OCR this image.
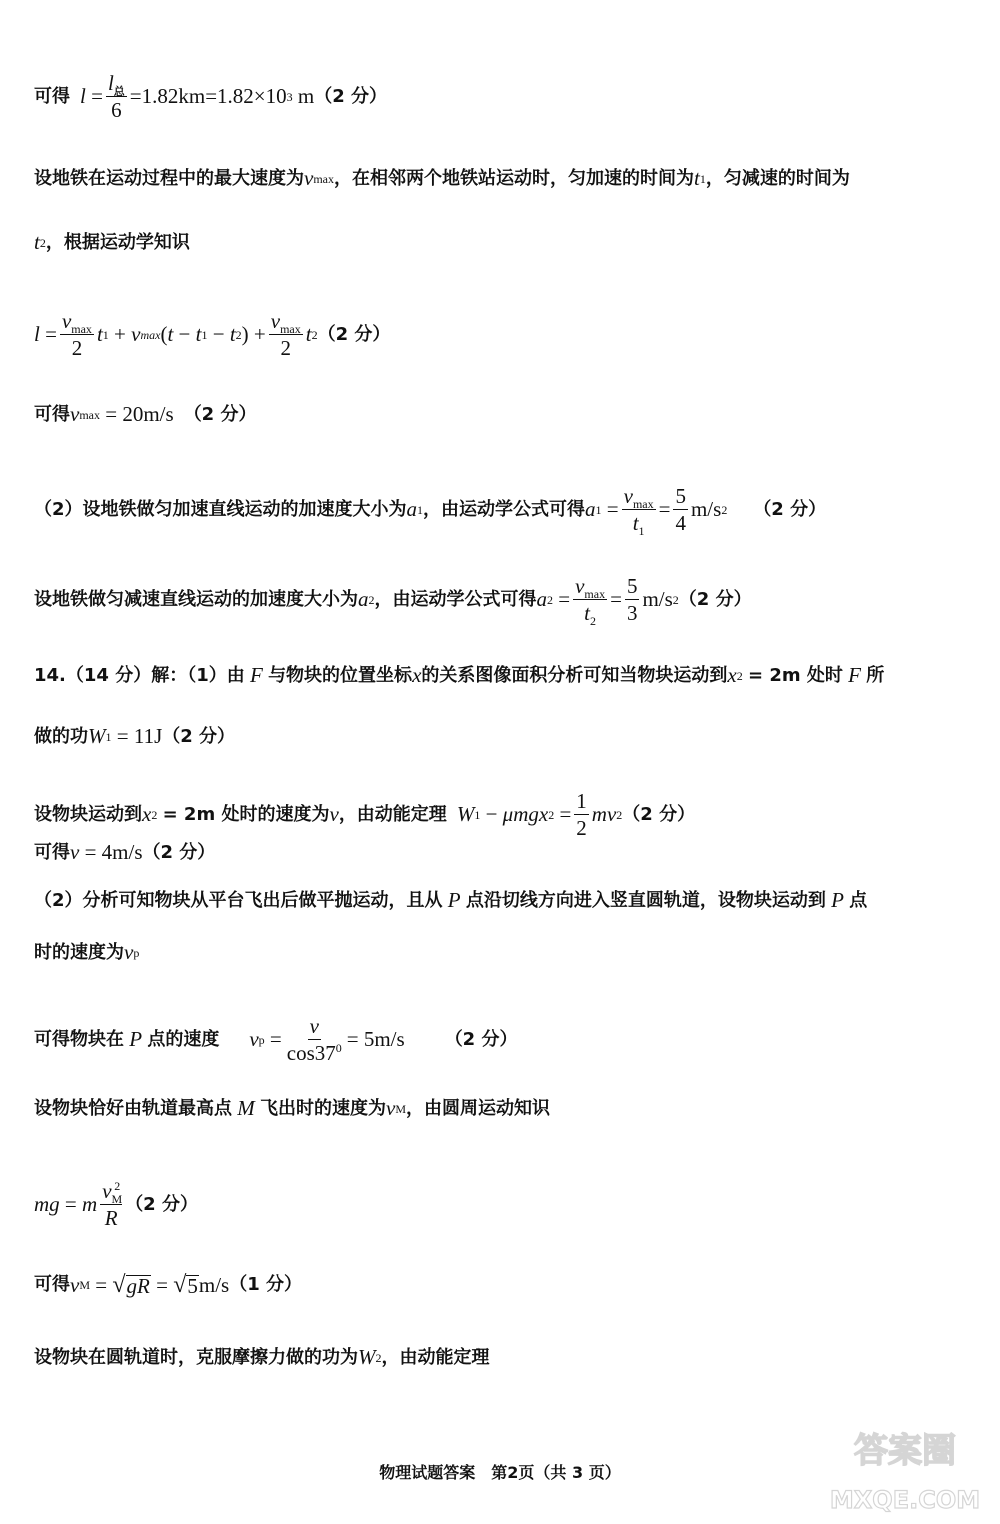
可得 $l = \frac{l_总}{6} =1.82km=1.82\times 10$ 3
m （2 分）
设地铁在运动过程中的最大速度为 v max ，在相邻两个地铁站运动时，匀加速的时间为 t 1 ，匀减速的时间为
t 2 ，根据运动学知识
$l = \frac{v_{max}}{2}$ t 1 + v max ( t − t 1 − t 2 ) + $\frac{v_{max}}{2}$ t 2 （2 分）
可得 v max
= 20m/s （2 分）
（2）设地铁做匀加速直线运动的加速度大小为 a 1 ，由运动学公式可得 a $1 = \frac{v_{max}}{t_1} = \frac{5}{4} m/s$ 2 （2 分）
设地铁做匀减速直线运动的加速度大小为 a 2 ，由运动学公式可得 a $2 = \frac{v_{max}}{t_2} = \frac{5}{3} m/s$ 2 （2 分）
14.（14 分）解：（1）由
F
与物块的位置坐标 x 的关系图像面积分析可知当物块运动到 x 2
= 2m 处时
F
所
做的功 W 1
= 11J （2 分）
设物块运动到 x 2
= 2m 处时的速度为 v ，由动能定理 W 1 − μmgx $2 = \frac{1}{2}$ mv 2 （2 分）
可得 v
= 4m/s （2 分）
（2）分析可知物块从平台飞出后做平抛运动，且从
P
点沿切线方向进入竖直圆轨道，设物块运动到
P
点
时的速度为 v p
可得物块在
P
点的速度 v $p = \frac{v}{\cos 37^0} = 5m/s$ （2 分）
设物块恰好由轨道最高点
M
飞出时的速度为 v M ，由圆周运动知识
mg = m $\frac{v_M^2}{R} (2$ 分）
可得 v M = √ gR = √ 5 m/s （1 分）
设物块在圆轨道时，克服摩擦力做的功为 W 2 ，由动能定理
物理试题答案　第2页（共 3 页）
答案圈
MXQE.COM
